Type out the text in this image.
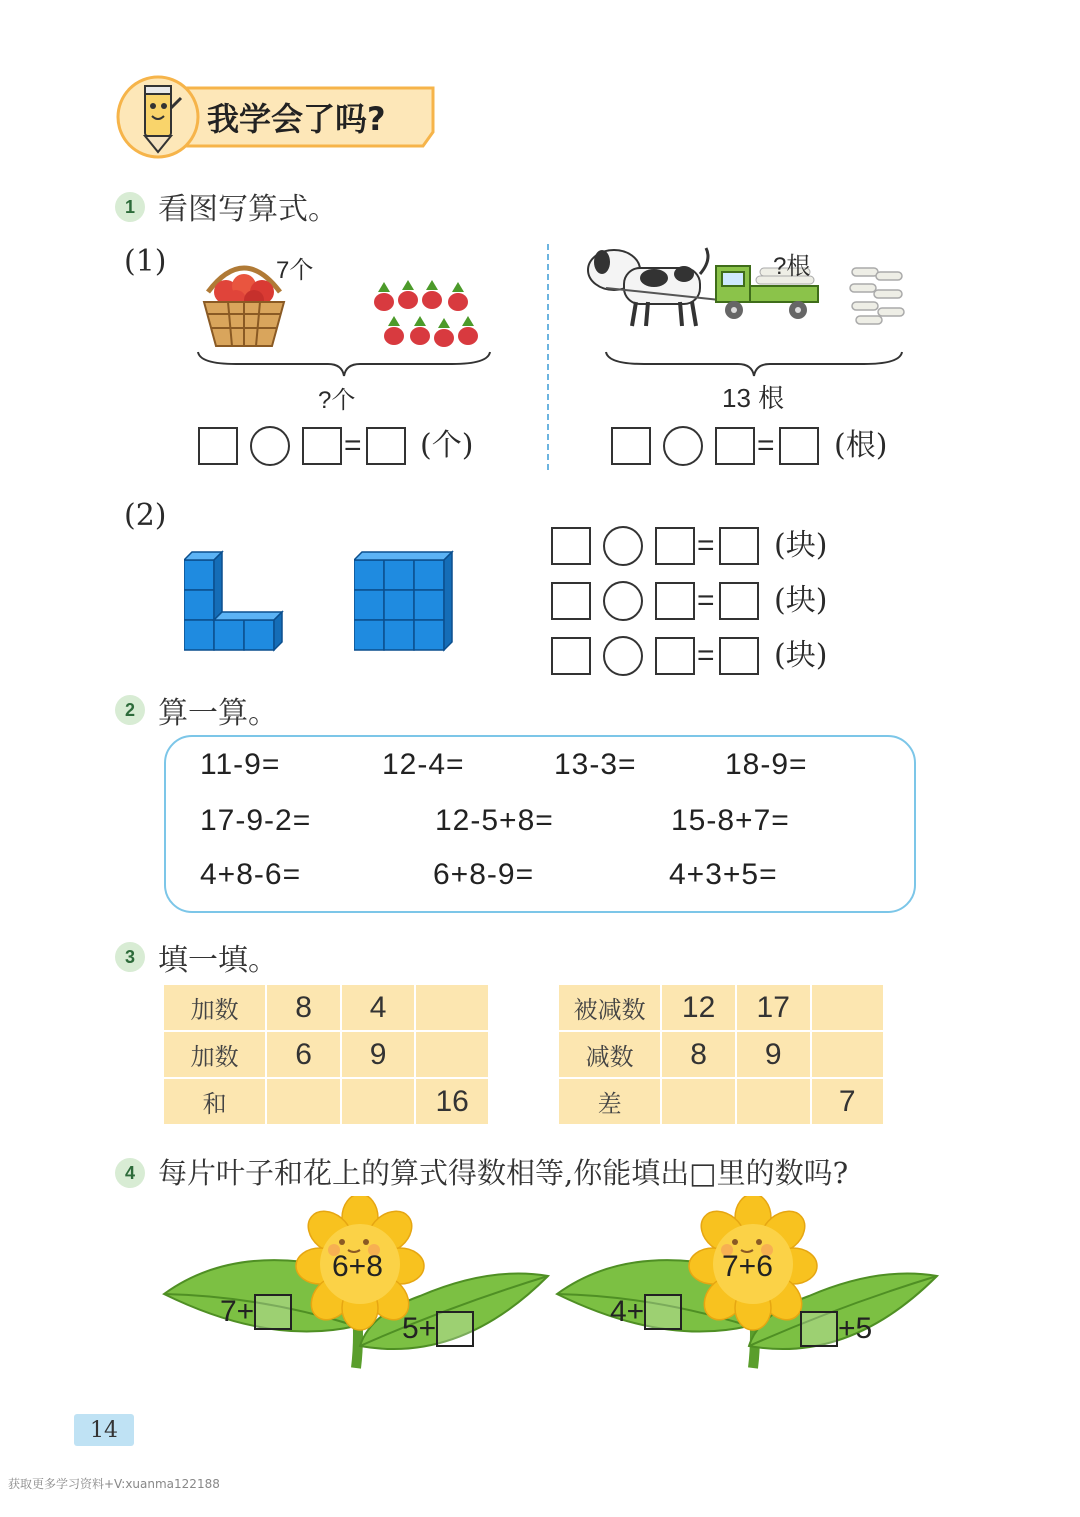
我学会了吗?
1 看图写算式。
(1)	7个
?个
= (个)
?根
13 根
= (根)
(2)
= (块)
= (块)
= (块)
2 算一算。
11-9=	12-4=	13-3=	18-9=
17-9-2=	12-5+8=	15-8+7=
4+8-6=	6+8-9=	4+3+5=
3 填一填。
加数	8	4	
加数	6	9	
和			16
被减数	12	17	
减数	8	9	
差			7
4 每片叶子和花上的算式得数相等,你能填出□里的数吗?
6+8
7+
5+
7+6
4+
+5
14
获取更多学习资料+V:xuanma122188
